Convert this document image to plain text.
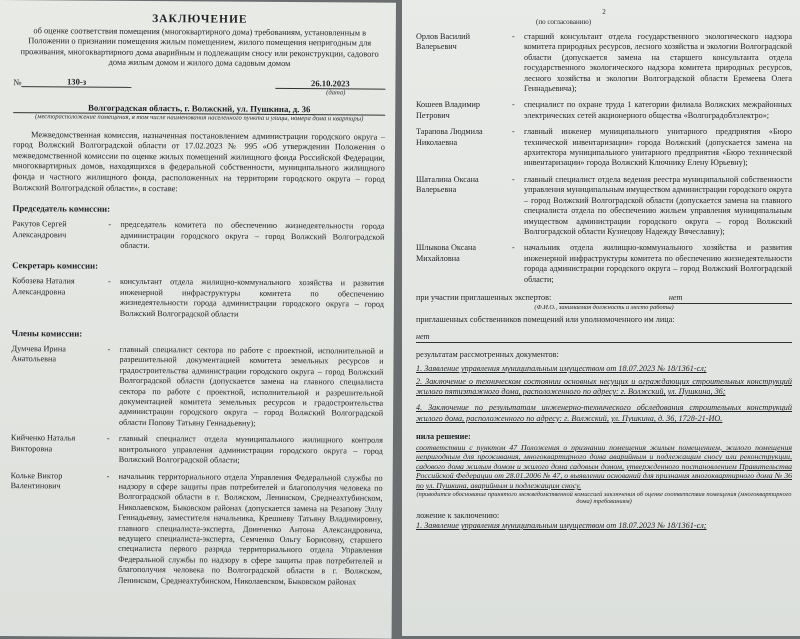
ЗАКЛЮЧЕНИЕ
об оценке соответствия помещения (многоквартирного дома) требованиям, установленным в Положении о признании помещения жилым помещением, жилого помещения непригодным для проживания, многоквартирного дома аварийным и подлежащим сносу или реконструкции, садового дома жилым домом и жилого дома садовым домом
№	130-з	26.10.2023
(дата)
Волгоградская область, г. Волжский, ул. Пушкина, д. 36
(месторасположение помещения, в том числе наименования населенного пункта и улицы, номера дома и квартиры)
Межведомственная комиссия, назначенная постановлением администрации городского округа – город Волжский Волгоградской области от 17.02.2023 № 995 «Об утверждении Положения о межведомственной комиссии по оценке жилых помещений жилищного фонда Российской Федерации, многоквартирных домов, находящихся в федеральной собственности, муниципального жилищного фонда и частного жилищного фонда, расположенных на территории городского округа – город Волжский Волгоградской области», в составе:
Председатель комиссии:
Ракутов Сергей Александрович
-	председатель комитета по обеспечению жизнедеятельности города администрации городского округа – город Волжский Волгоградской области.
Секретарь комиссии:
Кобозева Наталия Александровна
-	консультант отдела жилищно-коммунального хозяйства и развития инженерной инфраструктуры комитета по обеспечению жизнедеятельности города администрации городского округа – город Волжский Волгоградской области
Члены комиссии:
Думчева Ирина Анатольевна
-	главный специалист сектора по работе с проектной, исполнительной и разрешительной документацией комитета земельных ресурсов и градостроительства администрации городского округа – город Волжский Волгоградской области (допускается замена на главного специалиста сектора по работе с проектной, исполнительной и разрешительной документацией комитета земельных ресурсов и градостроительства администрации городского округа – город Волжский Волгоградской области Попову Татьяну Геннадьевну);
Кийченко Наталья Викторовна
-	главный специалист отдела муниципального жилищного контроля контрольного управления администрации городского округа – город Волжский Волгоградской области;
Кольке Виктор Валентинович
-	начальник территориального отдела Управления Федеральной службы по надзору в сфере защиты прав потребителей и благополучия человека по Волгоградской области в г. Волжском, Ленинском, Среднеахтубинском, Николаевском, Быковском районах (допускается замена на Резапову Эллу Геннадьевну, заместителя начальника, Крешневу Татьяну Владимировну, главного специалиста-эксперта, Доинченко Антона Александровича, ведущего специалиста-эксперта, Семченко Ольгу Борисовну, старшего специалиста первого разряда территориального отдела Управления Федеральной службы по надзору в сфере защиты прав потребителей и благополучия человека по Волгоградской области в г. Волжском, Ленинском, Среднеахтубинском, Николаевском, Быковском районах
2
(по согласованию)
Орлов Василий Валерьевич
-	старший консультант отдела государственного экологического надзора комитета природных ресурсов, лесного хозяйства и экологии Волгоградской области (допускается замена на старшего консультанта отдела государственного экологического надзора комитета природных ресурсов, лесного хозяйства и экологии Волгоградской области Еремеева Олега Геннадьевича);
Кошеев Владимир Петрович
-	специалист по охране труда 1 категории филиала Волжских межрайонных электрических сетей акционерного общества «Волгоградоблэлектро»;
Тарапова Людмила Николаевна
-	главный инженер муниципального унитарного предприятия «Бюро технической инвентаризации» города Волжский (допускается замена на архитектора муниципального унитарного предприятия «Бюро технической инвентаризации» города Волжский Ключнику Елену Юрьевну);
Шаталина Оксана Валерьевна
-	главный специалист отдела ведения реестра муниципальной собственности управления муниципальным имуществом администрации городского округа – город Волжский Волгоградской области (допускается замена на главного специалиста отдела по обеспечению жильем управления муниципальным имуществом администрации городского округа – город Волжский Волгоградской области Кузнецову Надежду Вячеславну);
Шлыкова Оксана Михайловна
-	начальник отдела жилищно-коммунального хозяйства и развития инженерной инфраструктуры комитета по обеспечению жизнедеятельности города администрации городского округа – город Волжский Волгоградской области;
при участии приглашенных экспертов:	нет
(Ф.И.О., занимаемая должность и место работы)
приглашенных собственников помещений или уполномоченного им лица:
нет
результатам рассмотренных документов:
1. Заявление управления муниципальным имуществом от 18.07.2023 № 18/1361-сл;
2. Заключение о техническом состоянии основных несущих и ограждающих строительных конструкций жилого пятиэтажного дома, расположенного по адресу: г. Волжский, ул. Пушкина, 36;
4. Заключение по результатам инженерно-технического обследования строительных конструкций жилого дома, расположенного по адресу: г. Волжский, ул. Пушкина, д. 36, 1728-21-ИО.
нила решение:
соответствии с пунктом 47 Положения о признании помещения жилым помещением, жилого помещения непригодным для проживания, многоквартирного дома аварийным и подлежащим сносу или реконструкции, садового дома жилым домом и жилого дома садовым домом, утвержденного постановлением Правительства Российской Федерации от 28.01.2006 № 47, о выявлении оснований для признания многоквартирного дома № 36 по ул. Пушкина, аварийным и подлежащим сносу.
(приводится обоснование принятого межведомственной комиссией заключения об оценке соответствия помещения (многоквартирного дома) требованиям)
ложение к заключению:
1. Заявление управления муниципальным имуществом от 18.07.2023 № 18/1361-сл;
